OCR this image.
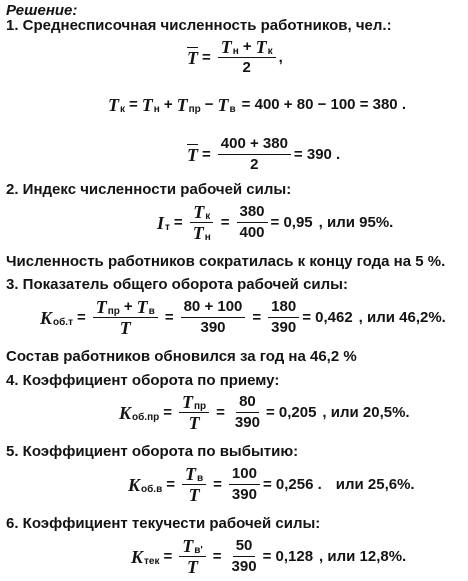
Решение:
1. Среднесписочная численность работников, чел.:
$\overline{T} = \frac{\text{T н + T к}}{2}$ ,
T к = T н + T пр − T в = 400 + 80 − 100 = 380 .
$\overline{T} = \frac{400 + 380}{2} = 390$ .
2. Индекс численности рабочей силы:
I $т = \frac{\text{T к}}{\text{T н}} = \frac{380}{400} = 0,95$ , или 95%.
Численность работников сократилась к концу года на 5 %.
3. Показатель общего оборота рабочей силы:
K $об.т = \frac{\text{T пр + T в}}{T} = \frac{80 + 100}{390} = \frac{180}{390} = 0,462$ , или 46,2%.
Состав работников обновился за год на 46,2 %
4. Коэффициент оборота по приему:
K $об.пр = \frac{\text{T пр}}{T} = \frac{80}{390} = 0,205$ , или 20,5%.
5. Коэффициент оборота по выбытию:
K $об.в = \frac{\text{T в}}{T} = \frac{100}{390} = 0,256$ . или 25,6%.
6. Коэффициент текучести рабочей силы:
K тек = $\frac{\text{T в'}}{T} = \frac{50}{390} = 0,128$ , или 12,8%.
